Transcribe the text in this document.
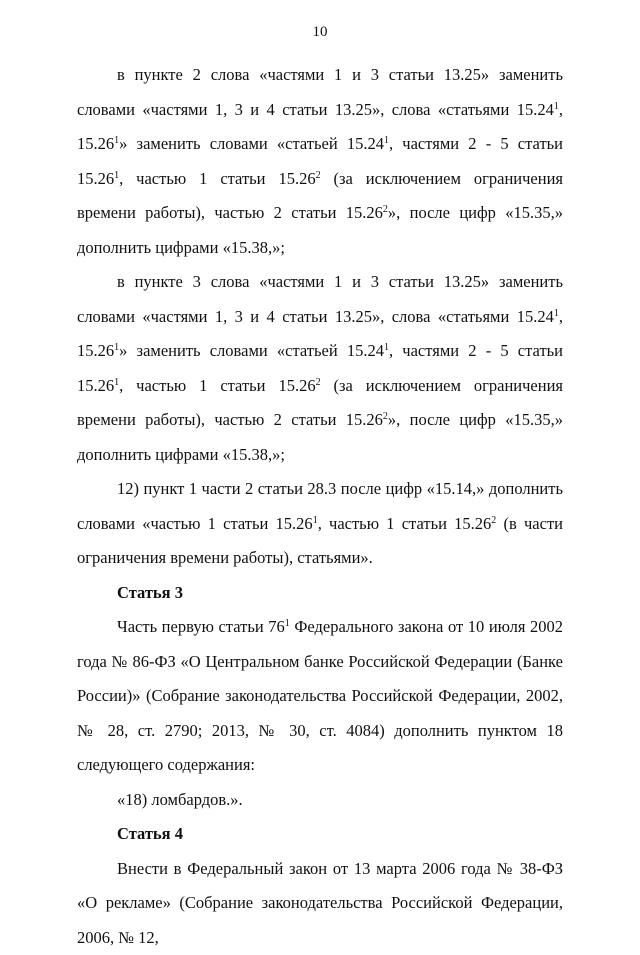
10
в пункте 2 слова «частями 1 и 3 статьи 13.25» заменить словами «частями 1, 3 и 4 статьи 13.25», слова «статьями 15.24$^1$, 15.26$^1$» заменить словами «статьей 15.24$^1$, частями 2 - 5 статьи 15.26$^1$, частью 1 статьи 15.26$^2$ (за исключением ограничения времени работы), частью 2 статьи 15.26$^2$», после цифр «15.35,» дополнить цифрами «15.38,»;
в пункте 3 слова «частями 1 и 3 статьи 13.25» заменить словами «частями 1, 3 и 4 статьи 13.25», слова «статьями 15.24$^1$, 15.26$^1$» заменить словами «статьей 15.24$^1$, частями 2 - 5 статьи 15.26$^1$, частью 1 статьи 15.26$^2$ (за исключением ограничения времени работы), частью 2 статьи 15.26$^2$», после цифр «15.35,» дополнить цифрами «15.38,»;
12) пункт 1 части 2 статьи 28.3 после цифр «15.14,» дополнить словами «частью 1 статьи 15.26$^1$, частью 1 статьи 15.26$^2$ (в части ограничения времени работы), статьями».
Статья 3
Часть первую статьи $76^1$ Федерального закона от 10 июля 2002 года № 86-ФЗ «О Центральном банке Российской Федерации (Банке России)» (Собрание законодательства Российской Федерации, 2002, № 28, ст. 2790; 2013, № 30, ст. 4084) дополнить пунктом 18 следующего содержания:
«18) ломбардов.».
Статья 4
Внести в Федеральный закон от 13 марта 2006 года № 38-ФЗ «О рекламе» (Собрание законодательства Российской Федерации, 2006, № 12,
